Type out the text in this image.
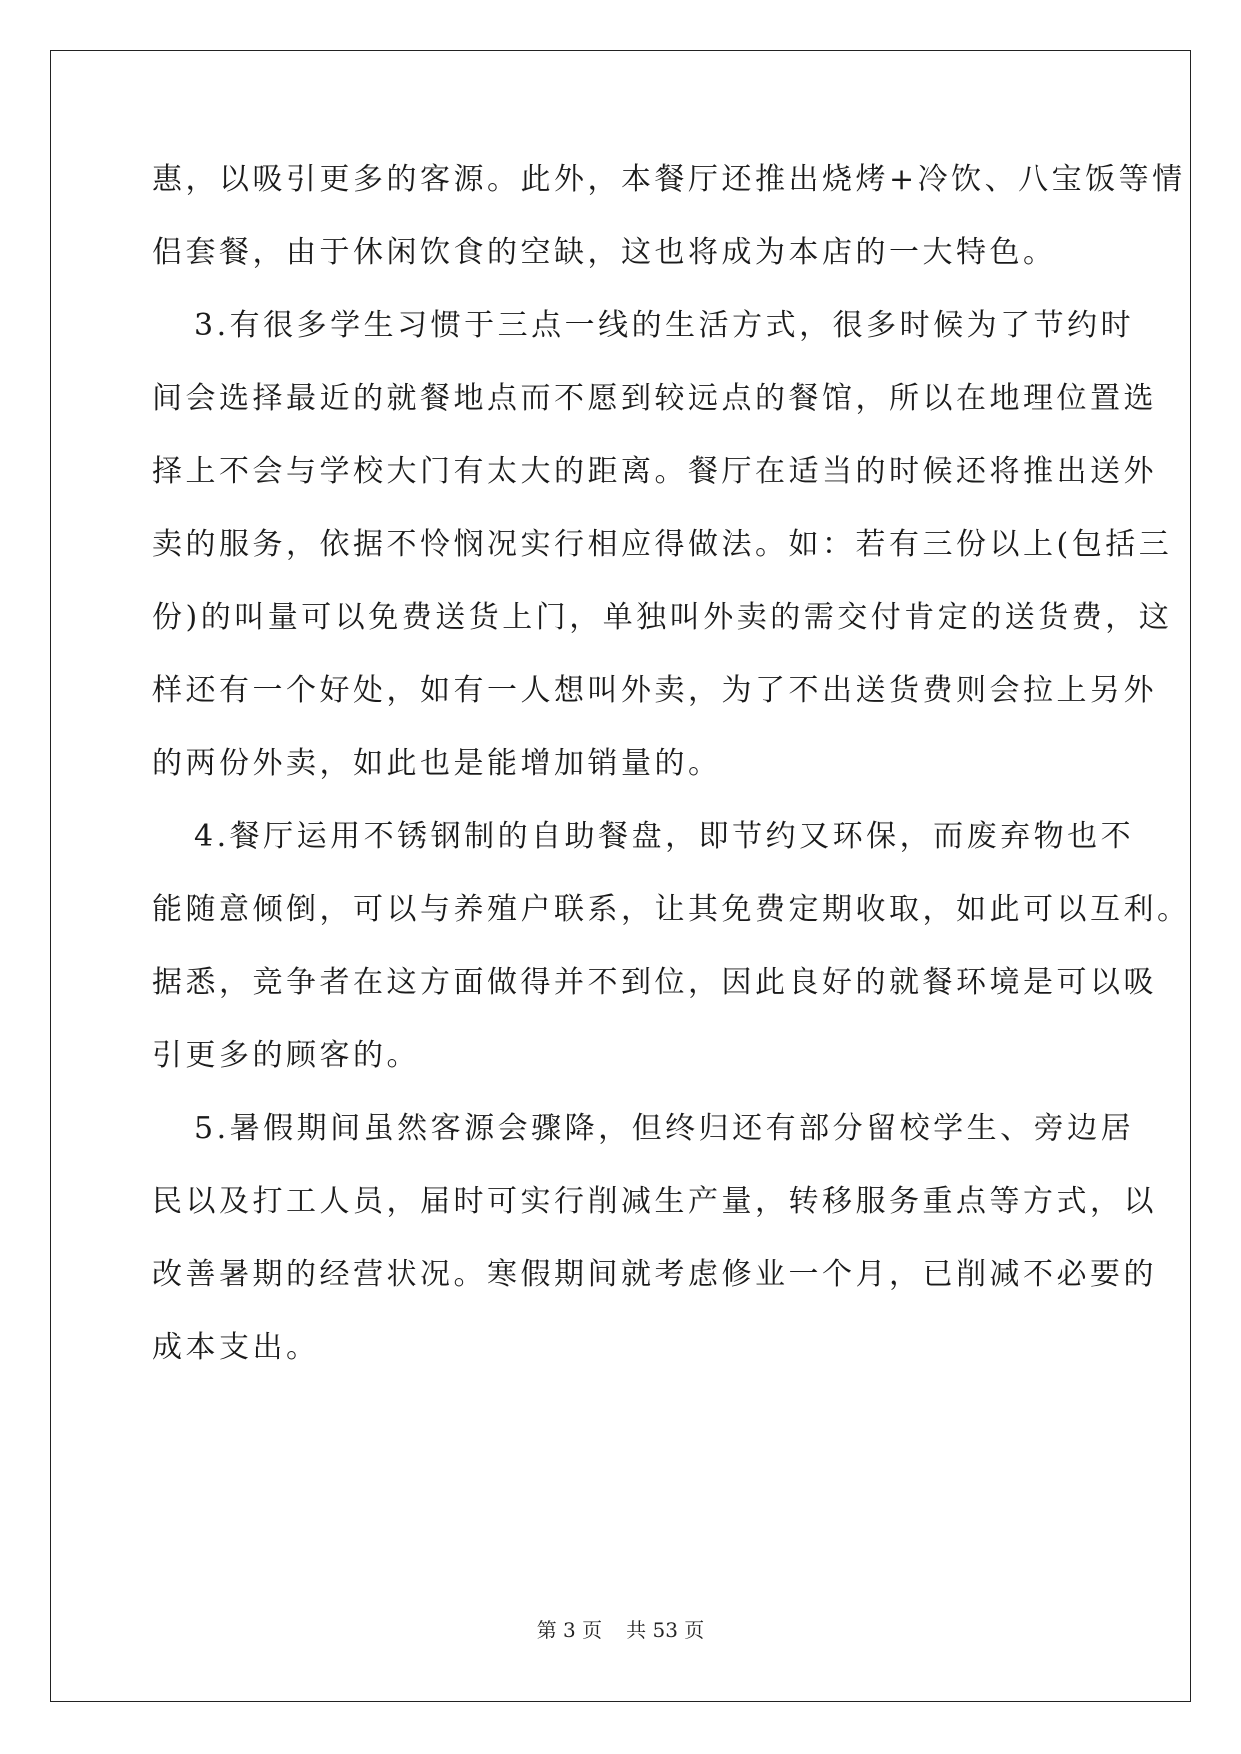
惠，以吸引更多的客源。此外，本餐厅还推出烧烤+冷饮、八宝饭等情
侣套餐，由于休闲饮食的空缺，这也将成为本店的一大特色。
3.有很多学生习惯于三点一线的生活方式，很多时候为了节约时
间会选择最近的就餐地点而不愿到较远点的餐馆，所以在地理位置选
择上不会与学校大门有太大的距离。餐厅在适当的时候还将推出送外
卖的服务，依据不怜悯况实行相应得做法。如：若有三份以上(包括三
份)的叫量可以免费送货上门，单独叫外卖的需交付肯定的送货费，这
样还有一个好处，如有一人想叫外卖，为了不出送货费则会拉上另外
的两份外卖，如此也是能增加销量的。
4.餐厅运用不锈钢制的自助餐盘，即节约又环保，而废弃物也不
能随意倾倒，可以与养殖户联系，让其免费定期收取，如此可以互利。
据悉，竞争者在这方面做得并不到位，因此良好的就餐环境是可以吸
引更多的顾客的。
5.暑假期间虽然客源会骤降，但终归还有部分留校学生、旁边居
民以及打工人员，届时可实行削减生产量，转移服务重点等方式，以
改善暑期的经营状况。寒假期间就考虑修业一个月，已削减不必要的
成本支出。
第 3 页 共 53 页
